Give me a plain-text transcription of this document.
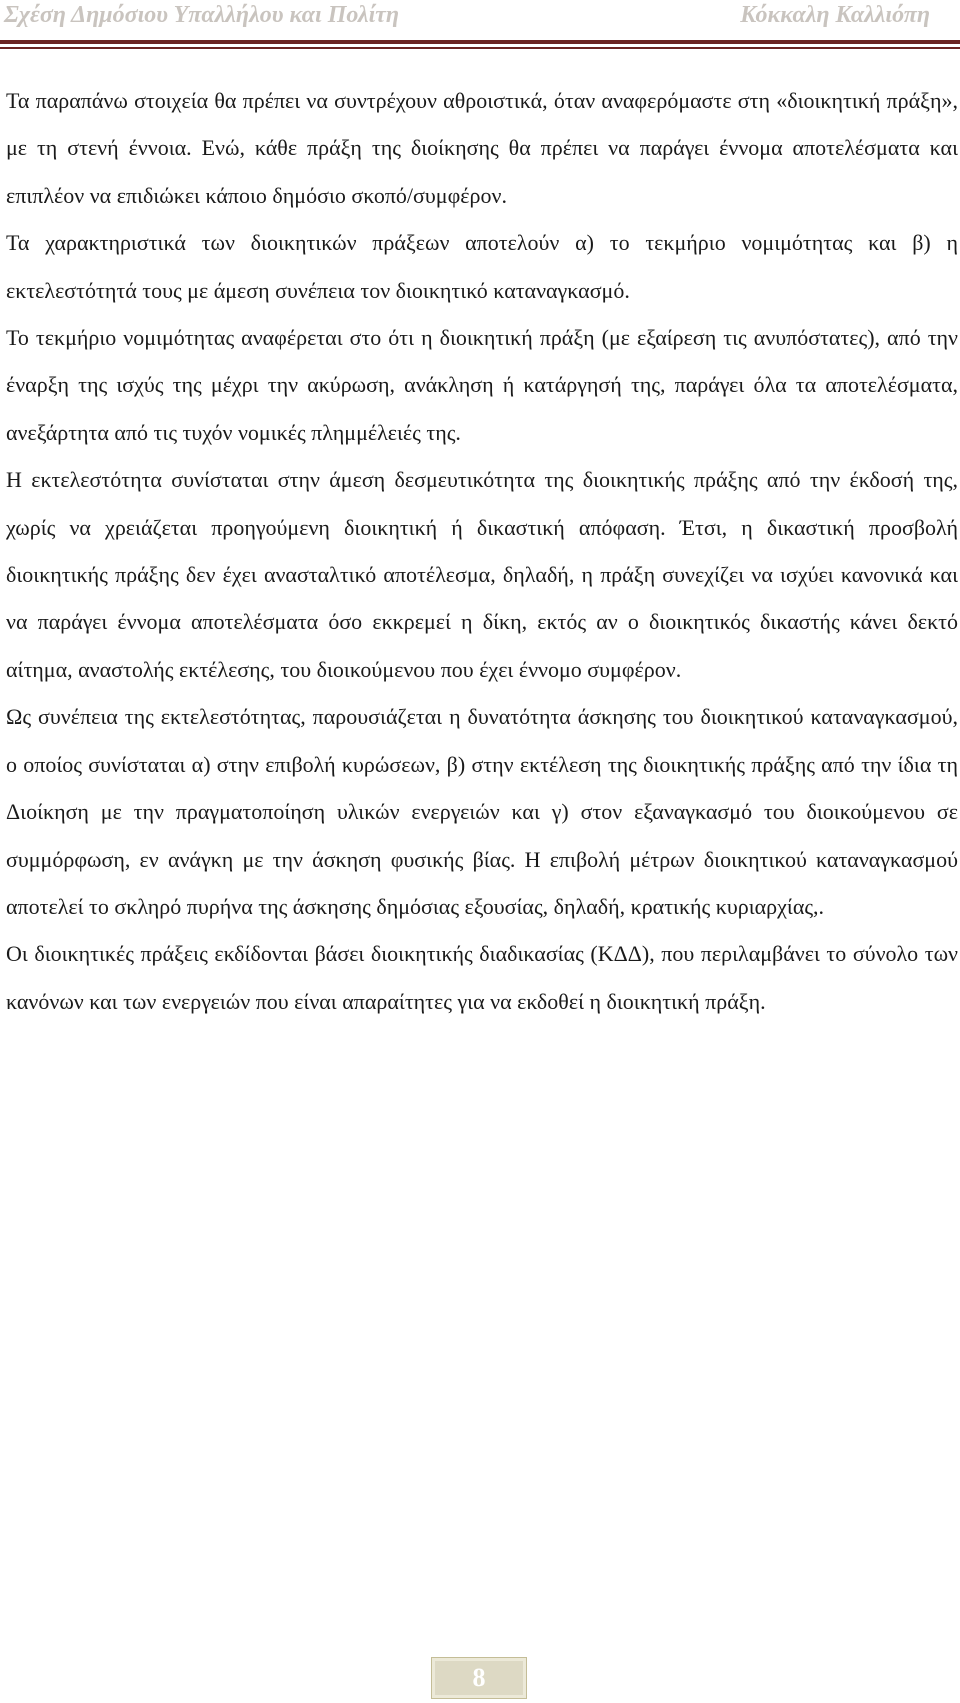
Σχέση Δημόσιου Υπαλλήλου και Πολίτη	Κόκκαλη Καλλιόπη

Τα παραπάνω στοιχεία θα πρέπει να συντρέχουν αθροιστικά, όταν αναφερόμαστε στη «διοικητική πράξη», με τη στενή έννοια. Ενώ, κάθε πράξη της διοίκησης θα πρέπει να παράγει έννομα αποτελέσματα και επιπλέον να επιδιώκει κάποιο δημόσιο σκοπό/συμφέρον.

Τα χαρακτηριστικά των διοικητικών πράξεων αποτελούν α) το τεκμήριο νομιμότητας και β) η εκτελεστότητά τους με άμεση συνέπεια τον διοικητικό καταναγκασμό.

Το τεκμήριο νομιμότητας αναφέρεται στο ότι η διοικητική πράξη (με εξαίρεση τις ανυπόστατες), από την έναρξη της ισχύς της μέχρι την ακύρωση, ανάκληση ή κατάργησή της, παράγει όλα τα αποτελέσματα, ανεξάρτητα από τις τυχόν νομικές πλημμέλειές της.

Η εκτελεστότητα συνίσταται στην άμεση δεσμευτικότητα της διοικητικής πράξης από την έκδοσή της, χωρίς να χρειάζεται προηγούμενη διοικητική ή δικαστική απόφαση. Έτσι, η δικαστική προσβολή διοικητικής πράξης δεν έχει ανασταλτικό αποτέλεσμα, δηλαδή, η πράξη συνεχίζει να ισχύει κανονικά και να παράγει έννομα αποτελέσματα όσο εκκρεμεί η δίκη, εκτός αν ο διοικητικός δικαστής κάνει δεκτό αίτημα, αναστολής εκτέλεσης, του διοικούμενου που έχει έννομο συμφέρον.

Ως συνέπεια της εκτελεστότητας, παρουσιάζεται η δυνατότητα άσκησης του διοικητικού καταναγκασμού, ο οποίος συνίσταται α) στην επιβολή κυρώσεων, β) στην εκτέλεση της διοικητικής πράξης από την ίδια τη Διοίκηση με την πραγματοποίηση υλικών ενεργειών και γ) στον εξαναγκασμό του διοικούμενου σε συμμόρφωση, εν ανάγκη με την άσκηση φυσικής βίας. Η επιβολή μέτρων διοικητικού καταναγκασμού αποτελεί το σκληρό πυρήνα της άσκησης δημόσιας εξουσίας, δηλαδή, κρατικής κυριαρχίας,.

Οι διοικητικές πράξεις εκδίδονται βάσει διοικητικής διαδικασίας (ΚΔΔ), που περιλαμβάνει το σύνολο των κανόνων και των ενεργειών που είναι απαραίτητες για να εκδοθεί η διοικητική πράξη.

8
